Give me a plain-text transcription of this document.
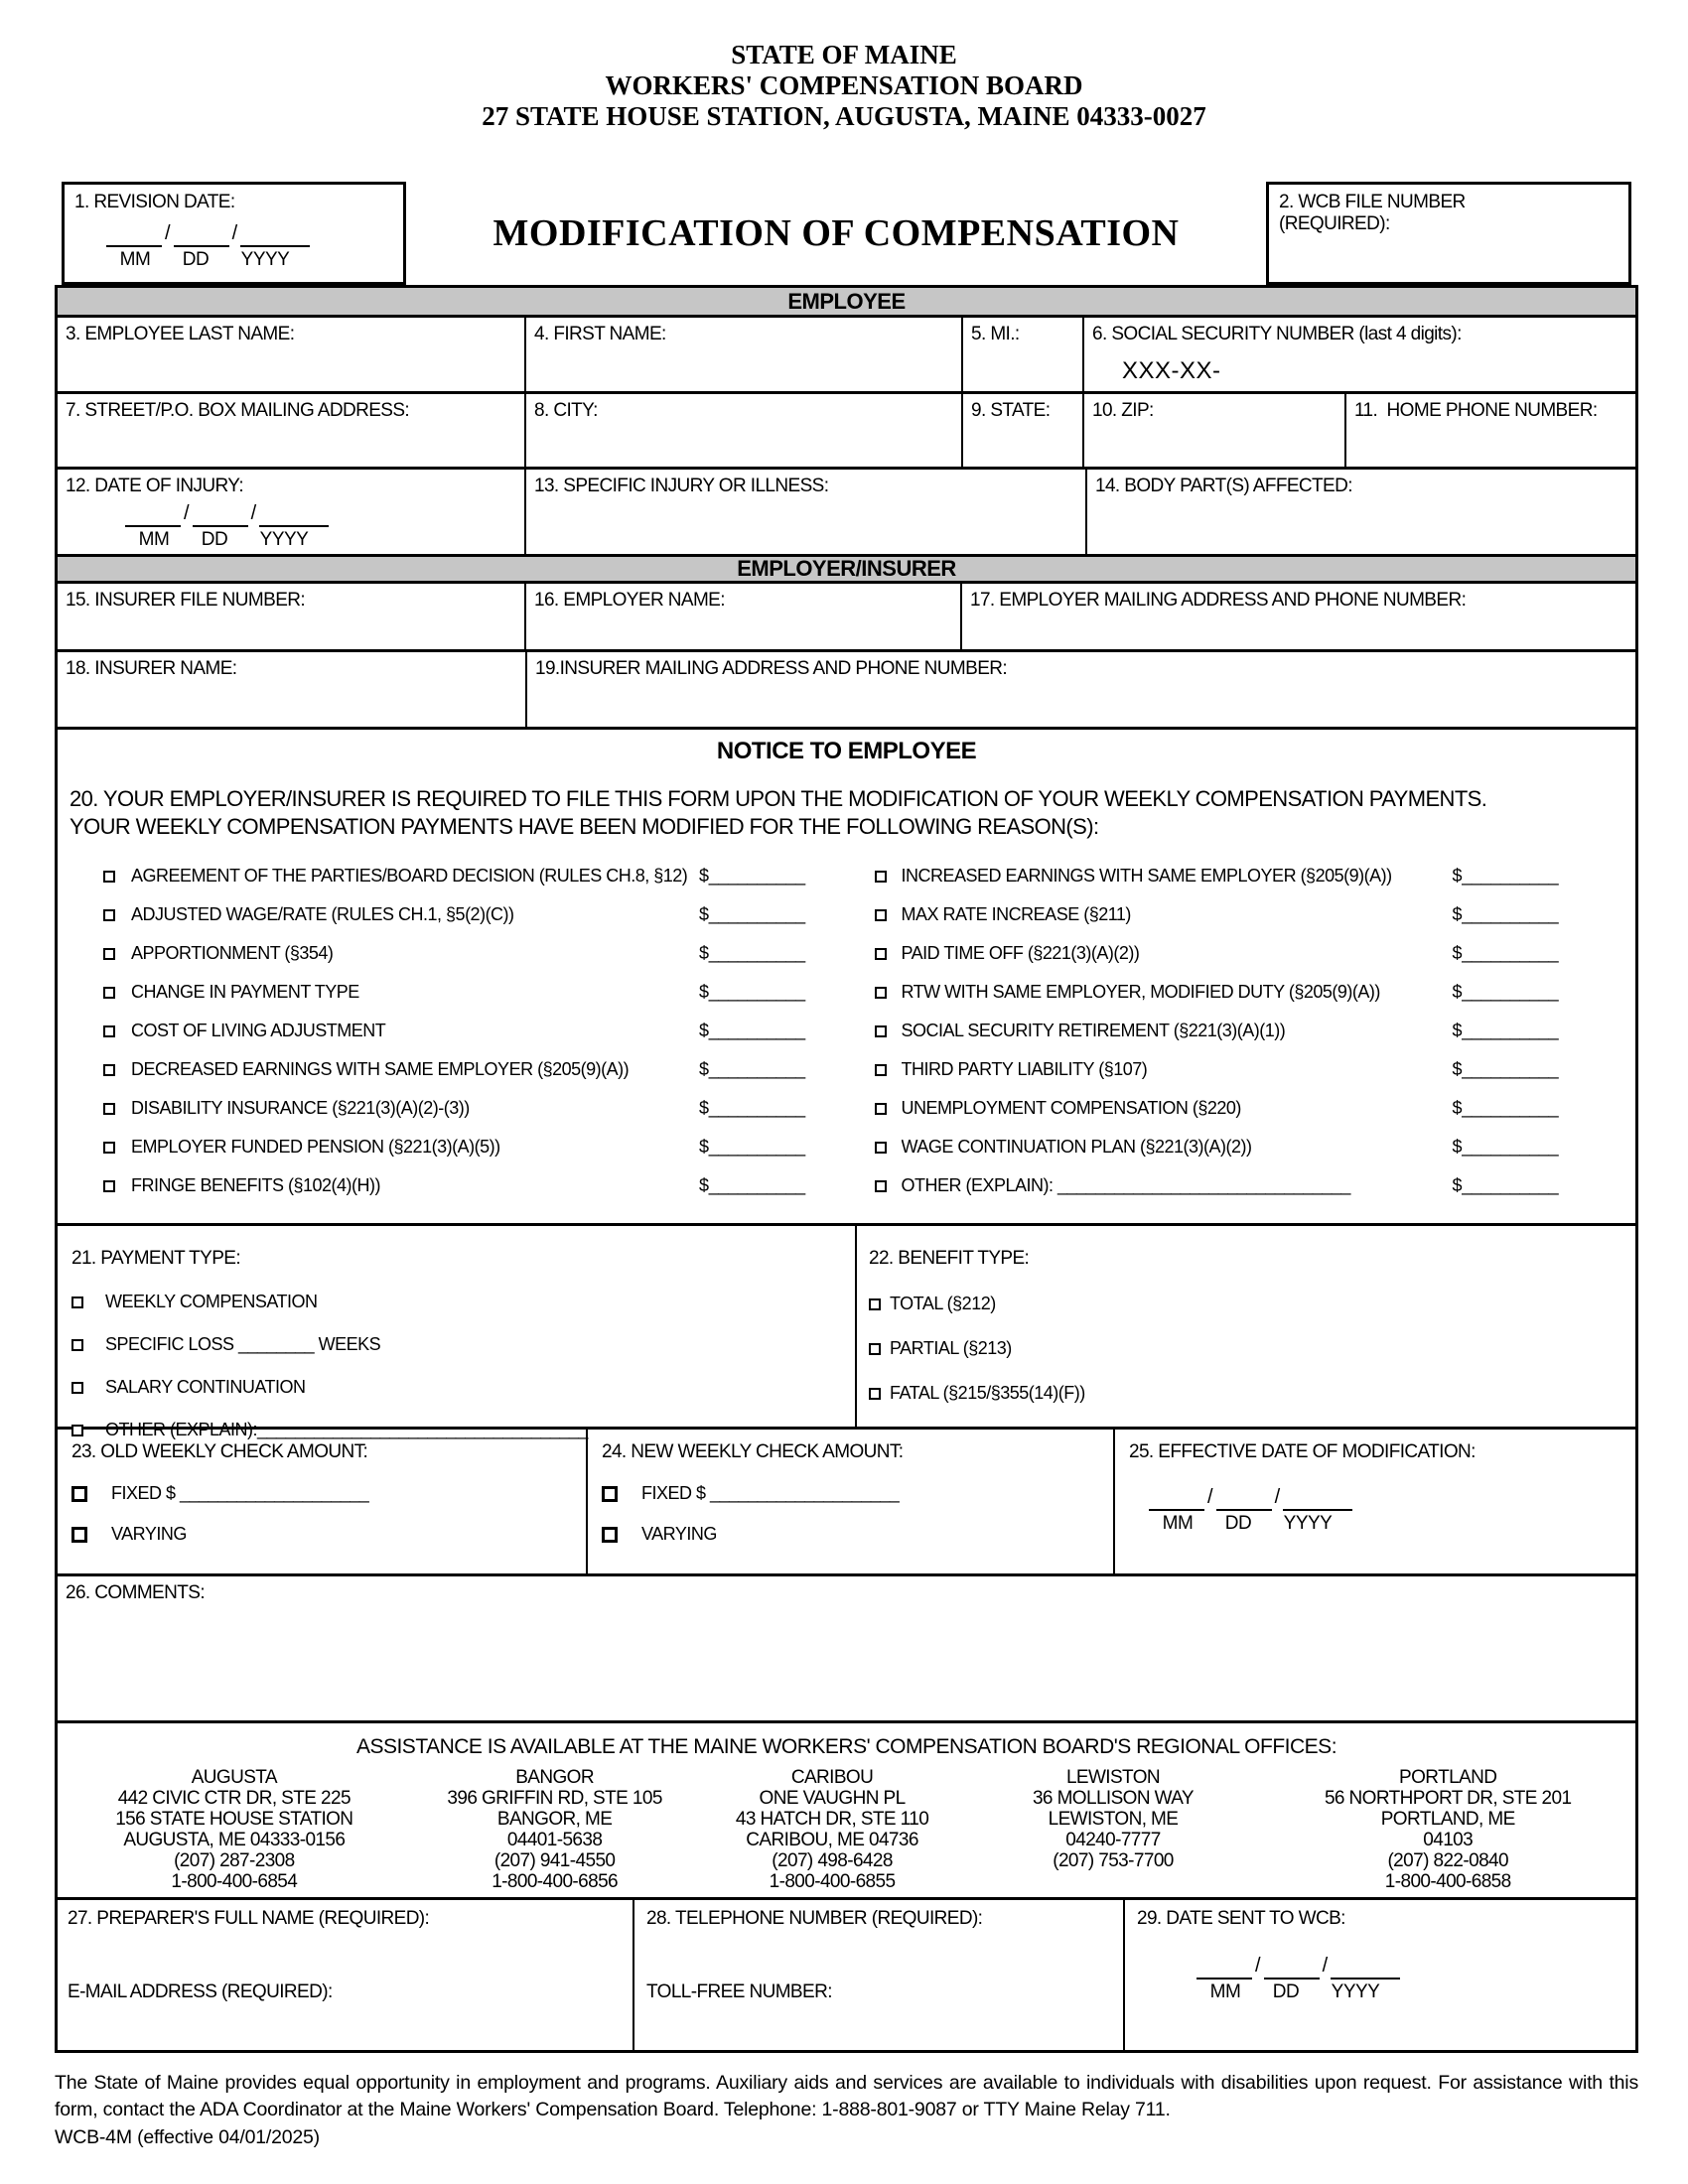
STATE OF MAINE
WORKERS' COMPENSATION BOARD
27 STATE HOUSE STATION, AUGUSTA, MAINE 04333-0027
1. REVISION DATE:
/	/
MM	DD	YYYY
MODIFICATION OF COMPENSATION
2. WCB FILE NUMBER
(REQUIRED):
EMPLOYEE
3. EMPLOYEE LAST NAME:	4. FIRST NAME:	5. MI.:	6. SOCIAL SECURITY NUMBER (last 4 digits):
XXX-XX-
7. STREET/P.O. BOX MAILING ADDRESS:	8. CITY:	9. STATE:	10. ZIP:	11.  HOME PHONE NUMBER:
12. DATE OF INJURY:
/	/
MM	DD	YYYY
13. SPECIFIC INJURY OR ILLNESS:	14. BODY PART(S) AFFECTED:
EMPLOYER/INSURER
15. INSURER FILE NUMBER:	16. EMPLOYER NAME:	17. EMPLOYER MAILING ADDRESS AND PHONE NUMBER:
18. INSURER NAME:	19.INSURER MAILING ADDRESS AND PHONE NUMBER:
NOTICE TO EMPLOYEE
20. YOUR EMPLOYER/INSURER IS REQUIRED TO FILE THIS FORM UPON THE MODIFICATION OF YOUR WEEKLY COMPENSATION PAYMENTS.
YOUR WEEKLY COMPENSATION PAYMENTS HAVE BEEN MODIFIED FOR THE FOLLOWING REASON(S):
AGREEMENT OF THE PARTIES/BOARD DECISION (RULES CH.8, §12) $__________
ADJUSTED WAGE/RATE (RULES CH.1, §5(2)(C))	$__________
APPORTIONMENT (§354)	$__________
CHANGE IN PAYMENT TYPE	$__________
COST OF LIVING ADJUSTMENT	$__________
DECREASED EARNINGS WITH SAME EMPLOYER (§205(9)(A))	$__________
DISABILITY INSURANCE (§221(3)(A)(2)-(3))	$__________
EMPLOYER FUNDED PENSION (§221(3)(A)(5))	$__________
FRINGE BENEFITS (§102(4)(H))	$__________
INCREASED EARNINGS WITH SAME EMPLOYER (§205(9)(A))	$__________
MAX RATE INCREASE (§211)	$__________
PAID TIME OFF (§221(3)(A)(2))	$__________
RTW WITH SAME EMPLOYER, MODIFIED DUTY (§205(9)(A))	$__________
SOCIAL SECURITY RETIREMENT (§221(3)(A)(1))	$__________
THIRD PARTY LIABILITY (§107)	$__________
UNEMPLOYMENT COMPENSATION (§220)	$__________
WAGE CONTINUATION PLAN (§221(3)(A)(2))	$__________
OTHER (EXPLAIN): _______________________________	$__________
21. PAYMENT TYPE:
WEEKLY COMPENSATION
SPECIFIC LOSS ________ WEEKS
SALARY CONTINUATION
OTHER (EXPLAIN):___________________________________
22. BENEFIT TYPE:
TOTAL (§212)
PARTIAL (§213)
FATAL (§215/§355(14)(F))
23. OLD WEEKLY CHECK AMOUNT:
FIXED $ ____________________
VARYING
24. NEW WEEKLY CHECK AMOUNT:
FIXED $ ____________________
VARYING
25. EFFECTIVE DATE OF MODIFICATION:
/	/
MM	DD	YYYY
26. COMMENTS:
ASSISTANCE IS AVAILABLE AT THE MAINE WORKERS' COMPENSATION BOARD'S REGIONAL OFFICES:
AUGUSTA
442 CIVIC CTR DR, STE 225
156 STATE HOUSE STATION
AUGUSTA, ME 04333-0156
(207) 287-2308
1-800-400-6854
BANGOR
396 GRIFFIN RD, STE 105
BANGOR, ME
04401-5638
(207) 941-4550
1-800-400-6856
CARIBOU
ONE VAUGHN PL
43 HATCH DR, STE 110
CARIBOU, ME 04736
(207) 498-6428
1-800-400-6855
LEWISTON
36 MOLLISON WAY
LEWISTON, ME
04240-7777
(207) 753-7700
PORTLAND
56 NORTHPORT DR, STE 201
PORTLAND, ME
04103
(207) 822-0840
1-800-400-6858
27. PREPARER'S FULL NAME (REQUIRED):
E-MAIL ADDRESS (REQUIRED):
28. TELEPHONE NUMBER (REQUIRED):
TOLL-FREE NUMBER:
29. DATE SENT TO WCB:
/	/
MM	DD	YYYY
The State of Maine provides equal opportunity in employment and programs. Auxiliary aids and services are available to individuals with disabilities upon request. For assistance with this form, contact the ADA Coordinator at the Maine Workers' Compensation Board. Telephone: 1-888-801-9087 or TTY Maine Relay 711.
WCB-4M (effective 04/01/2025)
